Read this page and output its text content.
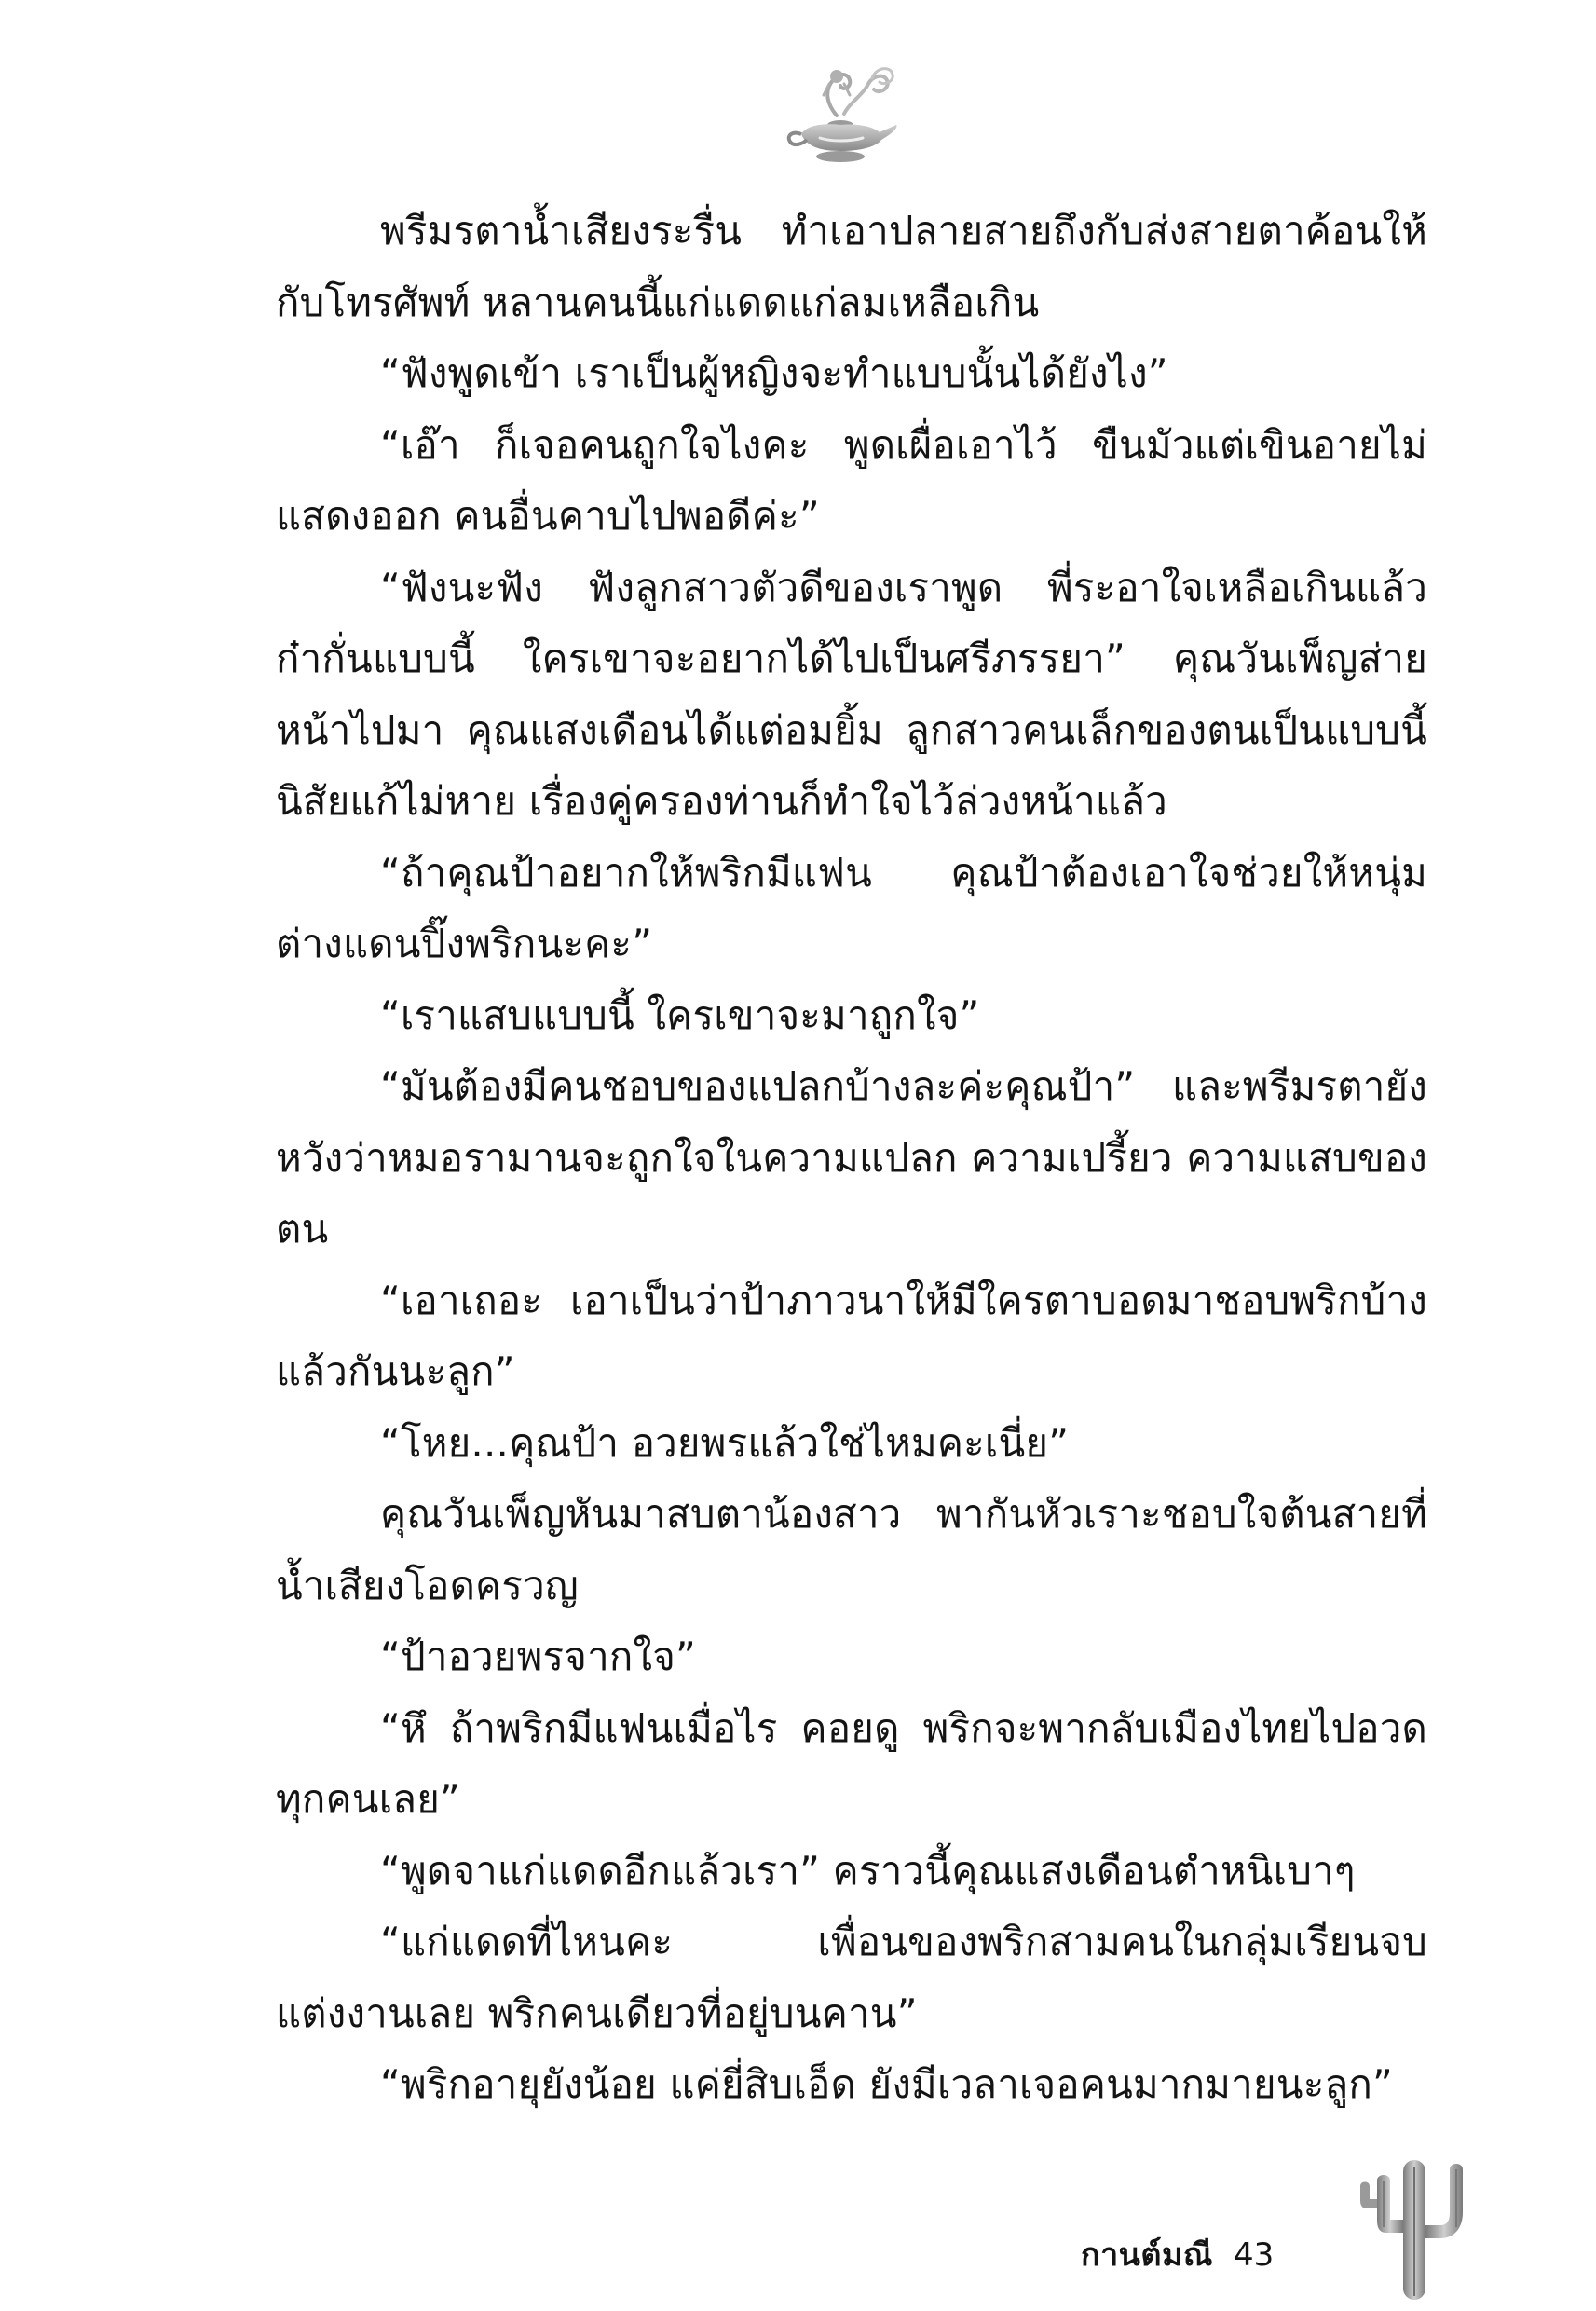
พรีมรตาน้ำเสียงระรื่น ทำเอาปลายสายถึงกับส่งสายตาค้อนให้กับโทรศัพท์ หลานคนนี้แก่แดดแก่ลมเหลือเกิน

“ฟังพูดเข้า เราเป็นผู้หญิงจะทำแบบนั้นได้ยังไง”

“เอ๊า ก็เจอคนถูกใจไงคะ พูดเผื่อเอาไว้ ขืนมัวแต่เขินอายไม่แสดงออก คนอื่นคาบไปพอดีค่ะ”

“ฟังนะฟัง ฟังลูกสาวตัวดีของเราพูด พี่ระอาใจเหลือเกินแล้ว ก๋ากั่นแบบนี้ ใครเขาจะอยากได้ไปเป็นศรีภรรยา” คุณวันเพ็ญส่ายหน้าไปมา คุณแสงเดือนได้แต่อมยิ้ม ลูกสาวคนเล็กของตนเป็นแบบนี้นิสัยแก้ไม่หาย เรื่องคู่ครองท่านก็ทำใจไว้ล่วงหน้าแล้ว

“ถ้าคุณป้าอยากให้พริกมีแฟน คุณป้าต้องเอาใจช่วยให้หนุ่มต่างแดนปิ๊งพริกนะคะ”

“เราแสบแบบนี้ ใครเขาจะมาถูกใจ”

“มันต้องมีคนชอบของแปลกบ้างละค่ะคุณป้า” และพรีมรตายังหวังว่าหมอรามานจะถูกใจในความแปลก ความเปรี้ยว ความแสบของตน

“เอาเถอะ เอาเป็นว่าป้าภาวนาให้มีใครตาบอดมาชอบพริกบ้างแล้วกันนะลูก”

“โหย...คุณป้า อวยพรแล้วใช่ไหมคะเนี่ย”

คุณวันเพ็ญหันมาสบตาน้องสาว พากันหัวเราะชอบใจต้นสายที่น้ำเสียงโอดครวญ

“ป้าอวยพรจากใจ”

“หึ ถ้าพริกมีแฟนเมื่อไร คอยดู พริกจะพากลับเมืองไทยไปอวดทุกคนเลย”

“พูดจาแก่แดดอีกแล้วเรา” คราวนี้คุณแสงเดือนตำหนิเบาๆ

“แก่แดดที่ไหนคะ เพื่อนของพริกสามคนในกลุ่มเรียนจบแต่งงานเลย พริกคนเดียวที่อยู่บนคาน”

“พริกอายุยังน้อย แค่ยี่สิบเอ็ด ยังมีเวลาเจอคนมากมายนะลูก”

กานต์มณี 43
